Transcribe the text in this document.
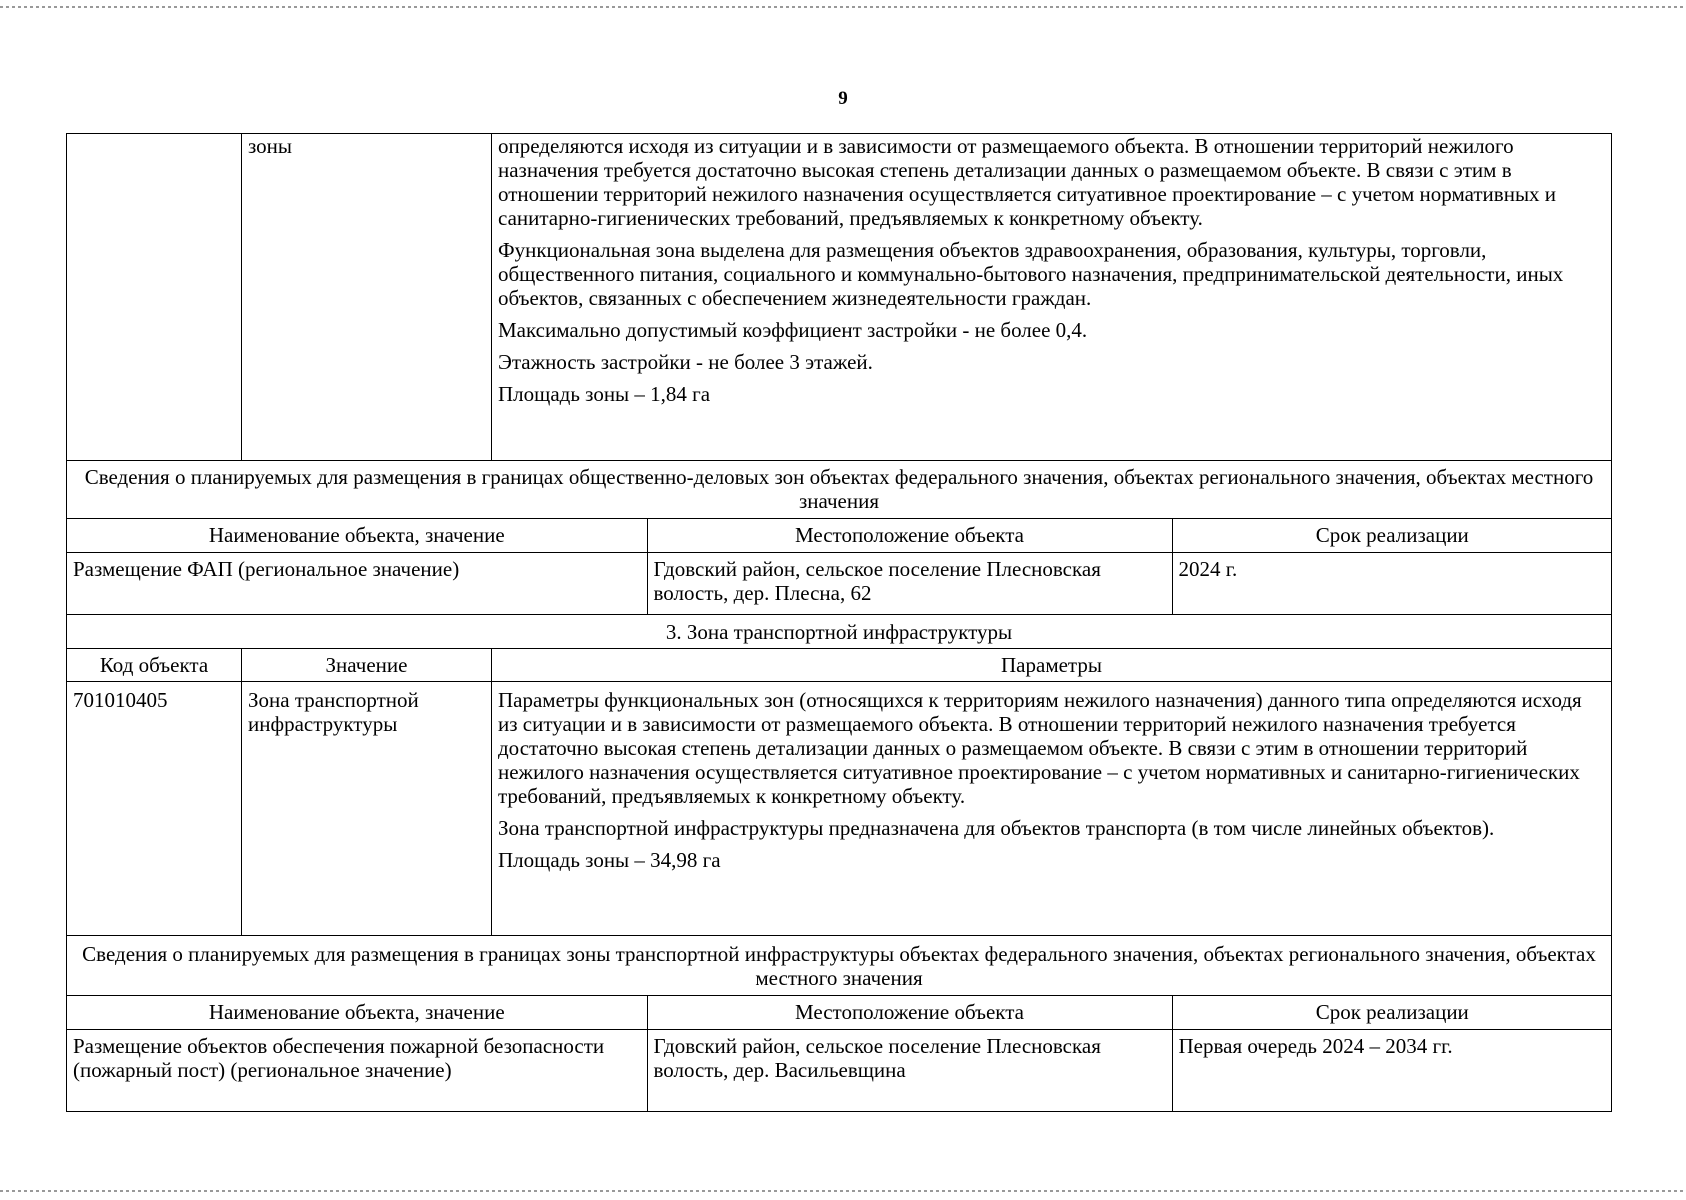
9
	зоны	определяются исходя из ситуации и в зависимости от размещаемого объекта. В отношении территорий нежилого назначения требуется достаточно высокая степень детализации данных о размещаемом объекте. В связи с этим в отношении территорий нежилого назначения осуществляется ситуативное проектирование – с учетом нормативных и санитарно-гигиенических требований, предъявляемых к конкретному объекту.

Функциональная зона выделена для размещения объектов здравоохранения, образования, культуры, торговли, общественного питания, социального и коммунально-бытового назначения, предпринимательской деятельности, иных объектов, связанных с обеспечением жизнедеятельности граждан.

Максимально допустимый коэффициент застройки - не более 0,4.

Этажность застройки - не более 3 этажей.

Площадь зоны – 1,84 га

Сведения о планируемых для размещения в границах общественно-деловых зон объектах федерального значения, объектах регионального значения, объектах местного значения

Наименование объекта, значение	Местоположение объекта	Срок реализации
Размещение ФАП (региональное значение)	Гдовский район, сельское поселение Плесновская волость, дер. Плесна, 62	2024 г.

3. Зона транспортной инфраструктуры
Код объекта	Значение	Параметры
701010405	Зона транспортной инфраструктуры	

Параметры функциональных зон (относящихся к территориям нежилого назначения) данного типа определяются исходя из ситуации и в зависимости от размещаемого объекта. В отношении территорий нежилого назначения требуется достаточно высокая степень детализации данных о размещаемом объекте. В связи с этим в отношении территорий нежилого назначения осуществляется ситуативное проектирование – с учетом нормативных и санитарно-гигиенических требований, предъявляемых к конкретному объекту.

Зона транспортной инфраструктуры предназначена для объектов транспорта (в том числе линейных объектов).

Площадь зоны – 34,98 га

Сведения о планируемых для размещения в границах зоны транспортной инфраструктуры объектах федерального значения, объектах регионального значения, объектах местного значения

Наименование объекта, значение	Местоположение объекта	Срок реализации
Размещение объектов обеспечения пожарной безопасности (пожарный пост) (региональное значение)	Гдовский район, сельское поселение Плесновская волость, дер. Васильевщина	Первая очередь 2024 – 2034 гг.
